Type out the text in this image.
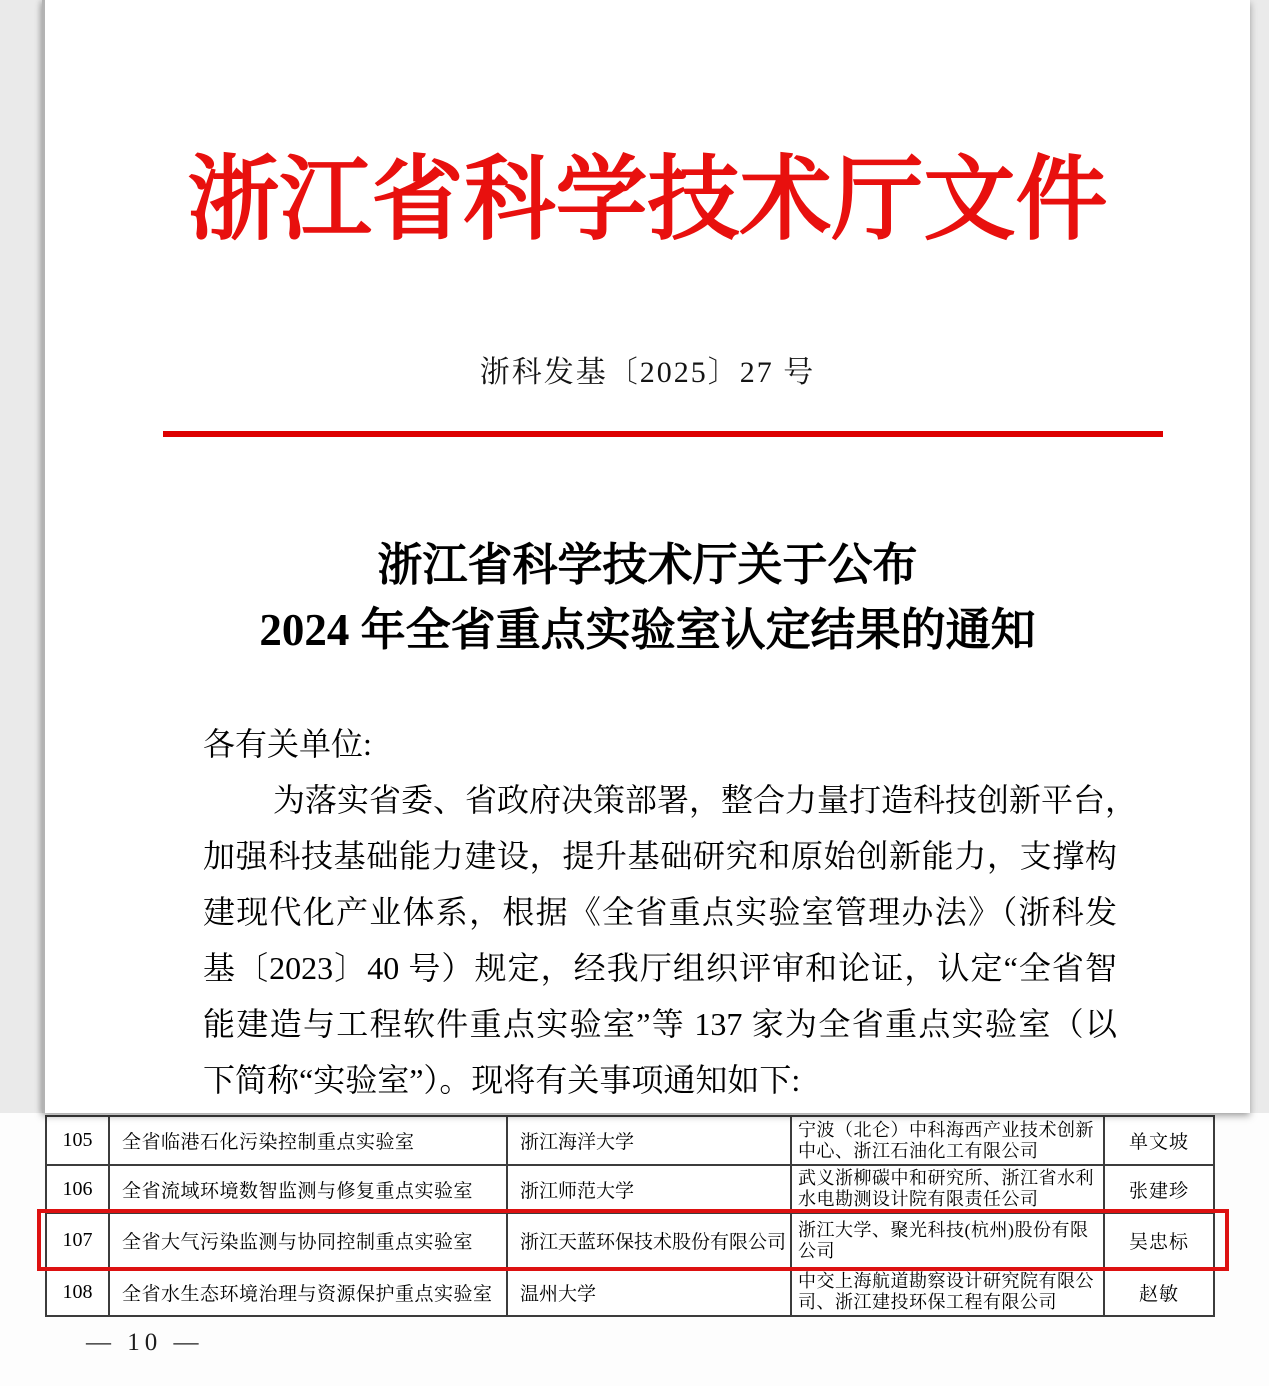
105	全省临港石化污染控制重点实验室	浙江海洋大学	宁波（北仑）中科海西产业技术创新中心、浙江石油化工有限公司	单文坡
106	全省流域环境数智监测与修复重点实验室	浙江师范大学	武义浙柳碳中和研究所、浙江省水利水电勘测设计院有限责任公司	张建珍
107	全省大气污染监测与协同控制重点实验室	浙江天蓝环保技术股份有限公司	浙江大学、聚光科技(杭州)股份有限公司	吴忠标
108	全省水生态环境治理与资源保护重点实验室	温州大学	中交上海航道勘察设计研究院有限公司、浙江建投环保工程有限公司	赵敏
— 10 —
浙江省科学技术厅文件
浙科发基〔2025〕27 号
浙江省科学技术厅关于公布
2024 年全省重点实验室认定结果的通知
各有关单位:
为落实省委、省政府决策部署，整合力量打造科技创新平台，
加强科技基础能力建设，提升基础研究和原始创新能力，支撑构
建现代化产业体系，根据《全省重点实验室管理办法》（浙科发
基〔2023〕40 号）规定，经我厅组织评审和论证，认定“全省智
能建造与工程软件重点实验室”等 137 家为全省重点实验室（以
下简称“实验室”）。现将有关事项通知如下:
